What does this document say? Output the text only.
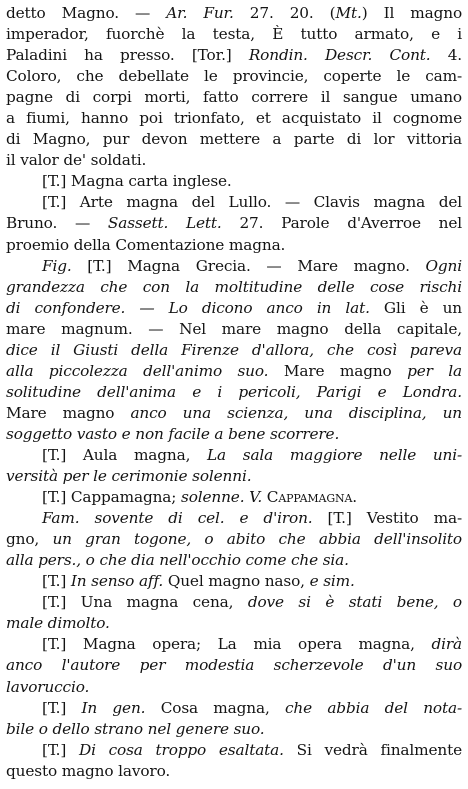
detto Magno. — Ar. Fur. 27. 20. (Mt.) Il magno
imperador, fuorchè la testa, È tutto armato, e i
Paladini ha presso. [Tor.] Rondin. Descr. Cont. 4.
Coloro, che debellate le provincie, coperte le cam-
pagne di corpi morti, fatto correre il sangue umano
a fiumi, hanno poi trionfato, et acquistato il cognome
di Magno, pur devon mettere a parte di lor vittoria
il valor de' soldati.
[T.] Magna carta inglese.
[T.] Arte magna del Lullo. — Clavis magna del
Bruno. — Sassett. Lett. 27. Parole d'Averroe nel
proemio della Comentazione magna.
Fig. [T.] Magna Grecia. — Mare magno. Ogni
grandezza che con la moltitudine delle cose rischi
di confondere. — Lo dicono anco in lat. Gli è un
mare magnum. — Nel mare magno della capitale,
dice il Giusti della Firenze d'allora, che così pareva
alla piccolezza dell'animo suo. Mare magno per la
solitudine dell'anima e i pericoli, Parigi e Londra.
Mare magno anco una scienza, una disciplina, un
soggetto vasto e non facile a bene scorrere.
[T.] Aula magna, La sala maggiore nelle uni-
versità per le cerimonie solenni.
[T.] Cappamagna; solenne. V. Cappamagna.
Fam. sovente di cel. e d'iron. [T.] Vestito ma-
gno, un gran togone, o abito che abbia dell'insolito
alla pers., o che dia nell'occhio come che sia.
[T.] In senso aff. Quel magno naso, e sim.
[T.] Una magna cena, dove si è stati bene, o
male dimolto.
[T.] Magna opera; La mia opera magna, dirà
anco l'autore per modestia scherzevole d'un suo
lavoruccio.
[T.] In gen. Cosa magna, che abbia del nota-
bile o dello strano nel genere suo.
[T.] Di cosa troppo esaltata. Si vedrà finalmente
questo magno lavoro.
